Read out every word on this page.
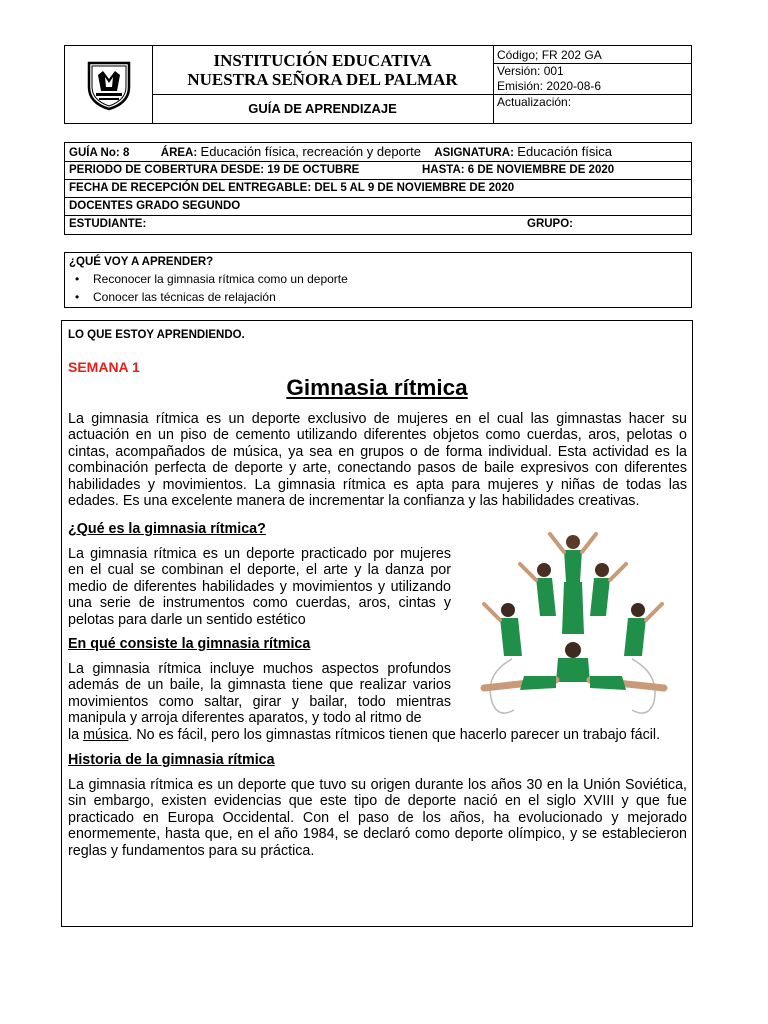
INSTITUCIÓN EDUCATIVA
NUESTRA SEÑORA DEL PALMAR
GUÍA DE APRENDIZAJE
Código; FR 202 GA
Versión: 001
Emisión: 2020-08-6
Actualización:
GUÍA No: 8	ÁREA: Educación física, recreación y deporte ASIGNATURA: Educación física
PERIODO DE COBERTURA DESDE: 19 DE OCTUBRE	HASTA: 6 DE NOVIEMBRE DE 2020
FECHA DE RECEPCIÓN DEL ENTREGABLE: DEL 5 AL 9 DE NOVIEMBRE DE 2020
DOCENTES GRADO SEGUNDO
ESTUDIANTE:	GRUPO:
¿QUÉ VOY A APRENDER?
• Reconocer la gimnasia rítmica como un deporte
• Conocer las técnicas de relajación
LO QUE ESTOY APRENDIENDO.
SEMANA 1
Gimnasia rítmica
La gimnasia rítmica es un deporte exclusivo de mujeres en el cual las gimnastas hacer su actuación en un piso de cemento utilizando diferentes objetos como cuerdas, aros, pelotas o cintas, acompañados de música, ya sea en grupos o de forma individual. Esta actividad es la combinación perfecta de deporte y arte, conectando pasos de baile expresivos con diferentes habilidades y movimientos. La gimnasia rítmica es apta para mujeres y niñas de todas las edades. Es una excelente manera de incrementar la confianza y las habilidades creativas.
¿Qué es la gimnasia rítmica?
La gimnasia rítmica es un deporte practicado por mujeres en el cual se combinan el deporte, el arte y la danza por medio de diferentes habilidades y movimientos y utilizando una serie de instrumentos como cuerdas, aros, cintas y pelotas para darle un sentido estético
En qué consiste la gimnasia rítmica
La gimnasia rítmica incluye muchos aspectos profundos además de un baile, la gimnasta tiene que realizar varios movimientos como saltar, girar y bailar, todo mientras manipula y arroja diferentes aparatos, y todo al ritmo de
la música. No es fácil, pero los gimnastas rítmicos tienen que hacerlo parecer un trabajo fácil.
Historia de la gimnasia rítmica
La gimnasia rítmica es un deporte que tuvo su origen durante los años 30 en la Unión Soviética, sin embargo, existen evidencias que este tipo de deporte nació en el siglo XVIII y que fue practicado en Europa Occidental. Con el paso de los años, ha evolucionado y mejorado enormemente, hasta que, en el año 1984, se declaró como deporte olímpico, y se establecieron reglas y fundamentos para su práctica.
